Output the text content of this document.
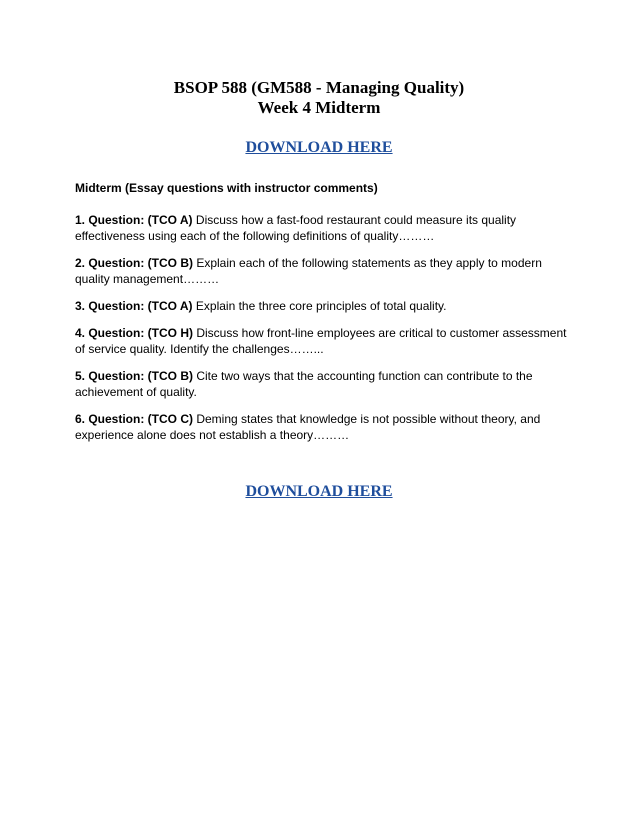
BSOP 588 (GM588 - Managing Quality)
Week 4 Midterm
DOWNLOAD HERE
Midterm (Essay questions with instructor comments)

1. Question: (TCO A) Discuss how a fast-food restaurant could measure its quality effectiveness using each of the following definitions of quality………

2. Question: (TCO B) Explain each of the following statements as they apply to modern quality management………

3. Question: (TCO A) Explain the three core principles of total quality.

4. Question: (TCO H) Discuss how front-line employees are critical to customer assessment of service quality. Identify the challenges……...

5. Question: (TCO B) Cite two ways that the accounting function can contribute to the achievement of quality.

6. Question: (TCO C) Deming states that knowledge is not possible without theory, and experience alone does not establish a theory………

DOWNLOAD HERE
